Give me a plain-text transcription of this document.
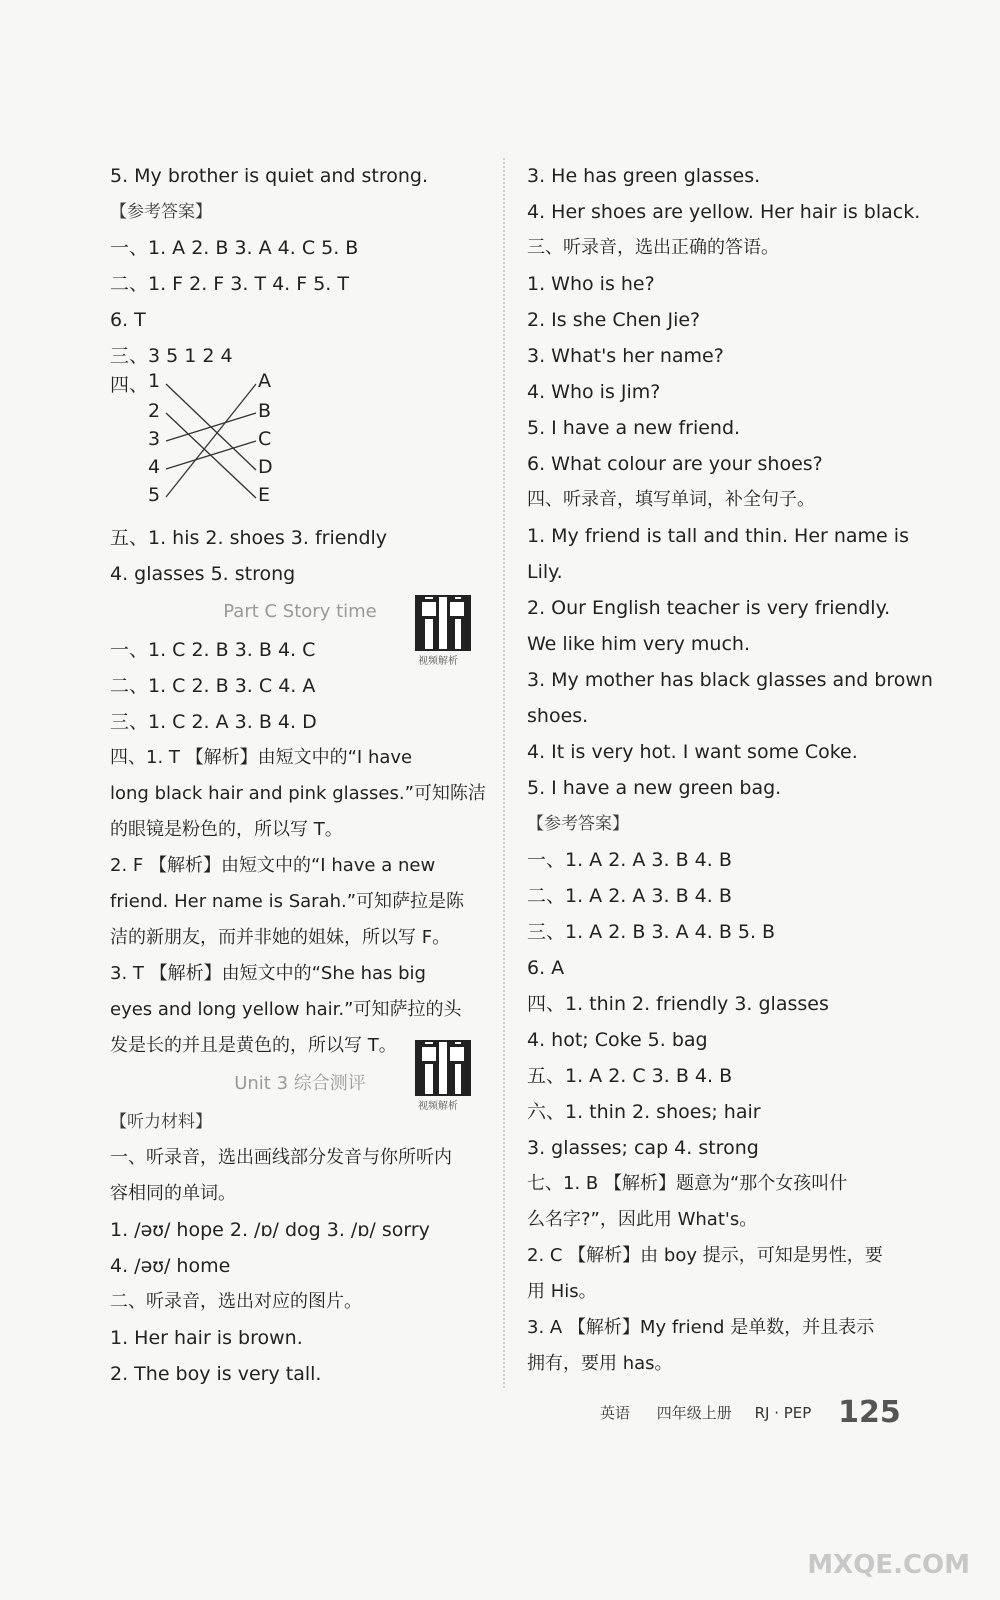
5. My brother is quiet and strong.
【参考答案】
一、1. A 2. B 3. A 4. C 5. B
二、1. F 2. F 3. T 4. F 5. T
6. T
三、3 5 1 2 4
五、1. his 2. shoes 3. friendly
4. glasses 5. strong
Part C Story time
一、1. C 2. B 3. B 4. C
二、1. C 2. B 3. C 4. A
三、1. C 2. A 3. B 4. D
四、1. T 【解析】由短文中的“I have
long black hair and pink glasses.”可知陈洁
的眼镜是粉色的，所以写 T。
2. F 【解析】由短文中的“I have a new
friend. Her name is Sarah.”可知萨拉是陈
洁的新朋友，而并非她的姐妹，所以写 F。
3. T 【解析】由短文中的“She has big
eyes and long yellow hair.”可知萨拉的头
发是长的并且是黄色的，所以写 T。
Unit 3 综合测评
【听力材料】
一、听录音，选出画线部分发音与你所听内
容相同的单词。
1. /əʊ/ hope 2. /ɒ/ dog 3. /ɒ/ sorry
4. /əʊ/ home
二、听录音，选出对应的图片。
1. Her hair is brown.
2. The boy is very tall.
四、 1
2
3
4
5
A
B
C
D
E
视频解析
视频解析
3. He has green glasses.
4. Her shoes are yellow. Her hair is black.
三、听录音，选出正确的答语。
1. Who is he?
2. Is she Chen Jie?
3. What's her name?
4. Who is Jim?
5. I have a new friend.
6. What colour are your shoes?
四、听录音，填写单词，补全句子。
1. My friend is tall and thin. Her name is
Lily.
2. Our English teacher is very friendly.
We like him very much.
3. My mother has black glasses and brown
shoes.
4. It is very hot. I want some Coke.
5. I have a new green bag.
【参考答案】
一、1. A 2. A 3. B 4. B
二、1. A 2. A 3. B 4. B
三、1. A 2. B 3. A 4. B 5. B
6. A
四、1. thin 2. friendly 3. glasses
4. hot; Coke 5. bag
五、1. A 2. C 3. B 4. B
六、1. thin 2. shoes; hair
3. glasses; cap 4. strong
七、1. B 【解析】题意为“那个女孩叫什
么名字?”，因此用 What's。
2. C 【解析】由 boy 提示，可知是男性，要
用 His。
3. A 【解析】My friend 是单数，并且表示
拥有，要用 has。
英语 四年级上册 RJ · PEP 125
MXQE.COM
